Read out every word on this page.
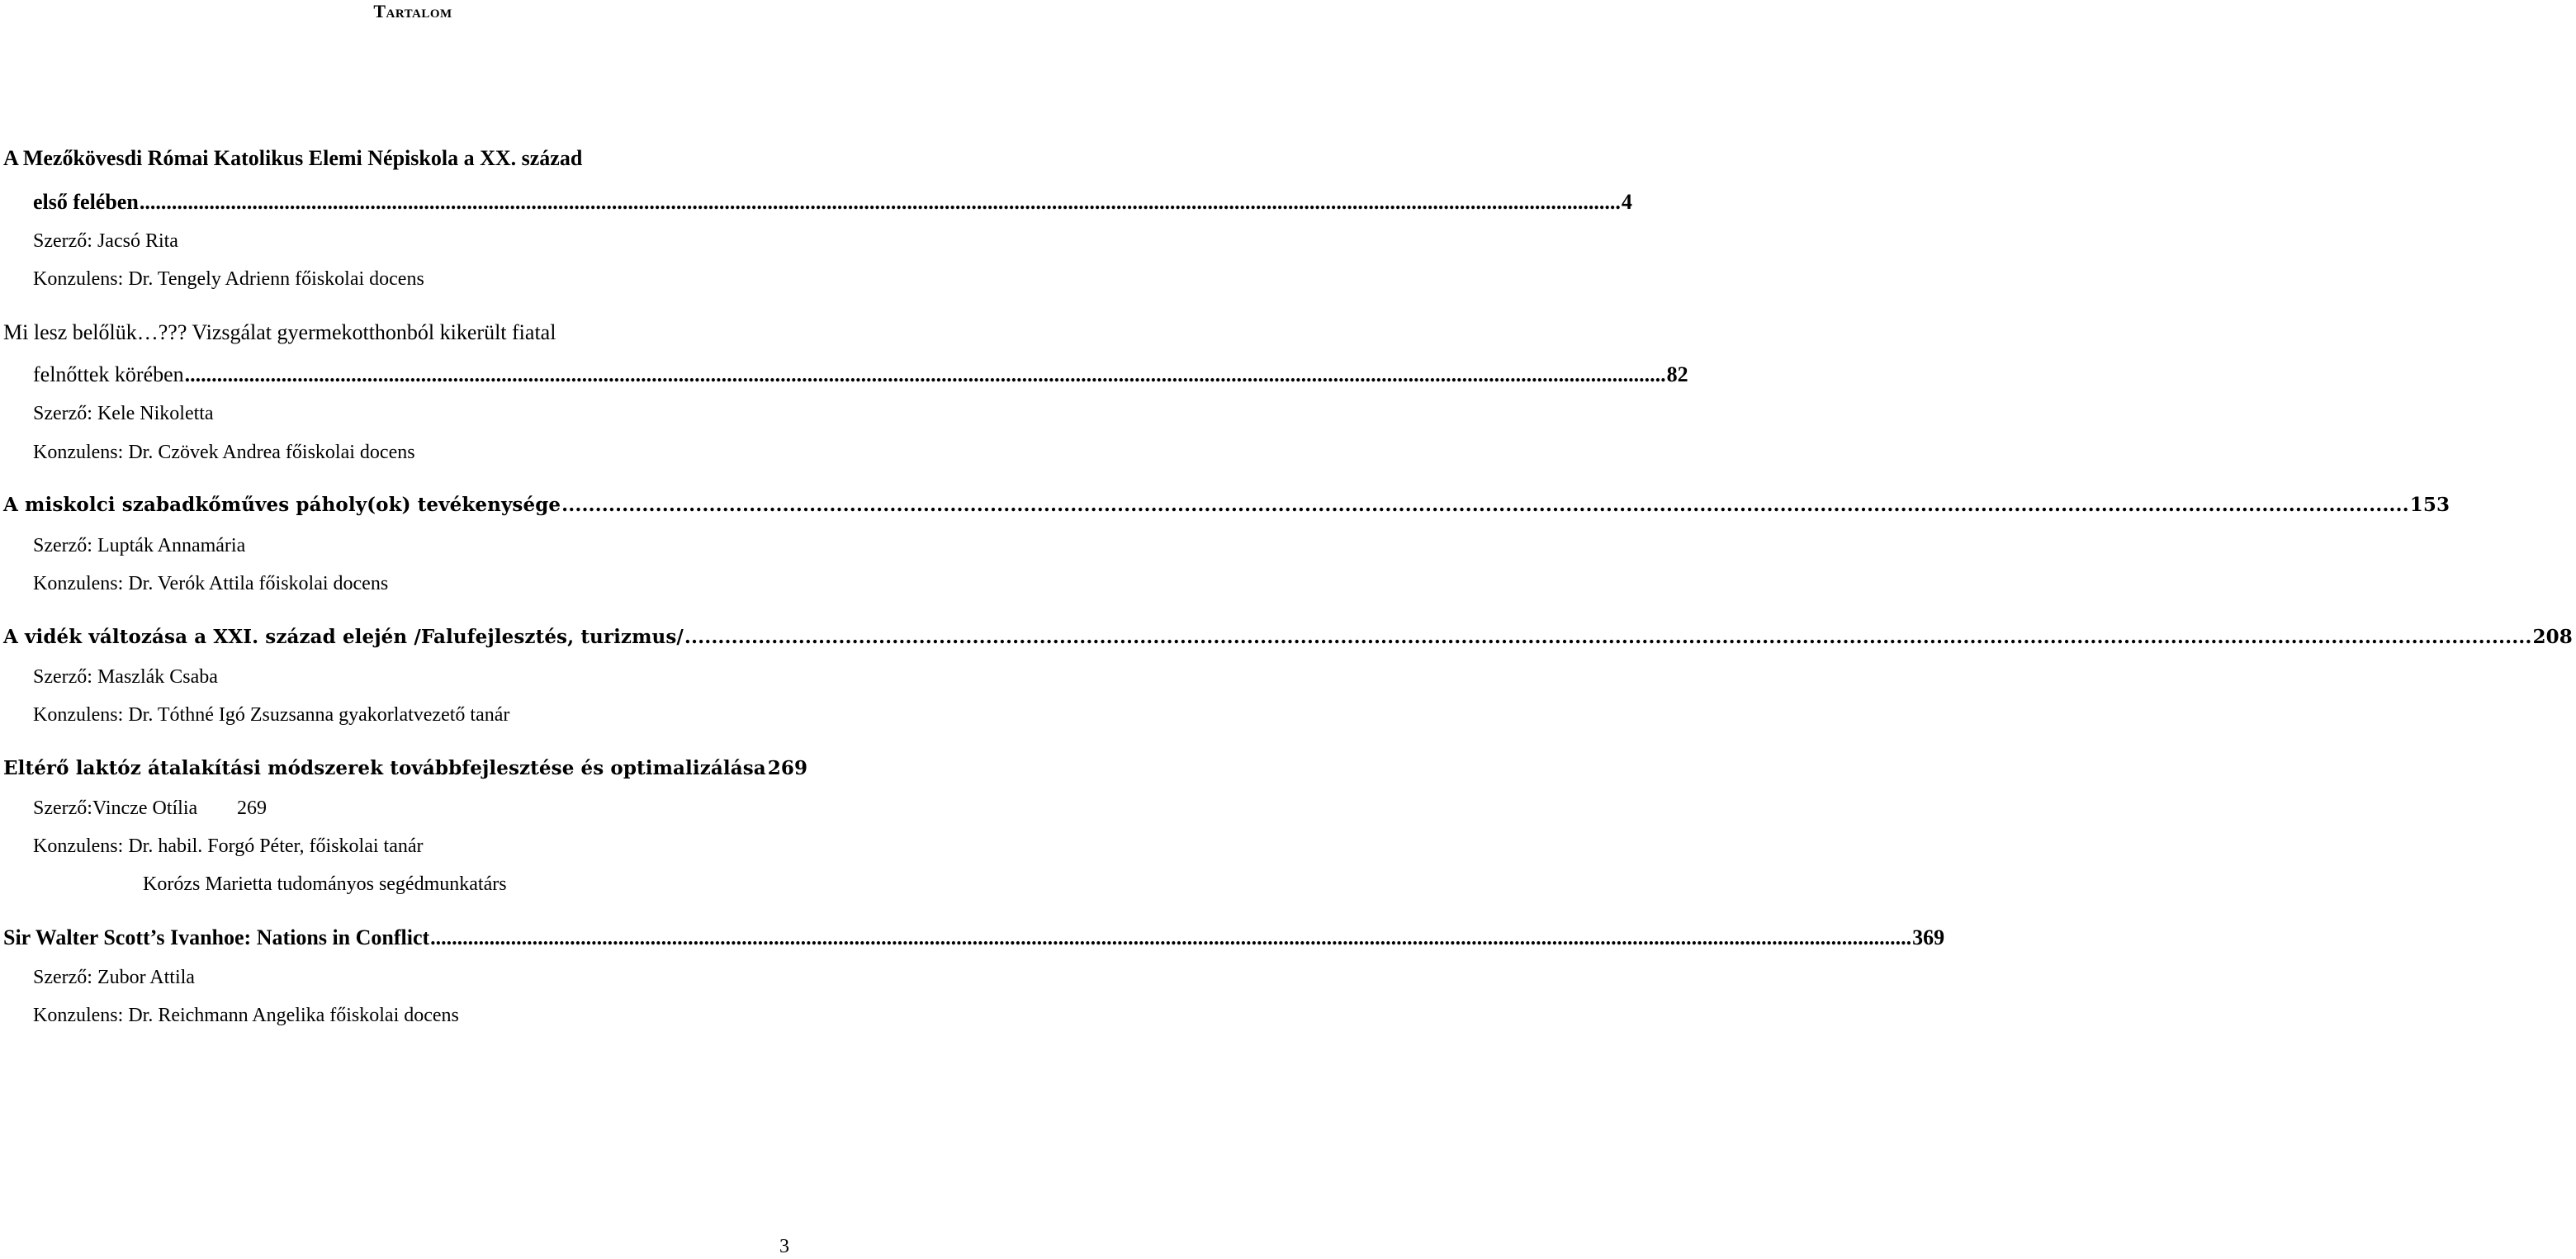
Tartalom
A Mezőkövesdi Római Katolikus Elemi Népiskola a XX. század
első felében .....	4
Szerző: Jacsó Rita
Konzulens: Dr. Tengely Adrienn főiskolai docens
Mi lesz belőlük…??? Vizsgálat gyermekotthonból kikerült fiatal
felnőttek körében .....	82
Szerző: Kele Nikoletta
Konzulens: Dr. Czövek Andrea főiskolai docens
A miskolci szabadkőműves páholy(ok) tevékenysége .....	153
Szerző: Lupták Annamária
Konzulens: Dr. Verók Attila főiskolai docens
A vidék változása a XXI. század elején /Falufejlesztés, turizmus/ .....	208
Szerző: Maszlák Csaba
Konzulens: Dr. Tóthné Igó Zsuzsanna gyakorlatvezető tanár
Eltérő laktóz átalakítási módszerek továbbfejlesztése és optimalizálása 269
Szerző:Vincze Otília 269
Konzulens: Dr. habil. Forgó Péter, főiskolai tanár
Korózs Marietta tudományos segédmunkatárs
Sir Walter Scott’s Ivanhoe: Nations in Conflict .....	369
Szerző: Zubor Attila
Konzulens: Dr. Reichmann Angelika főiskolai docens
3
